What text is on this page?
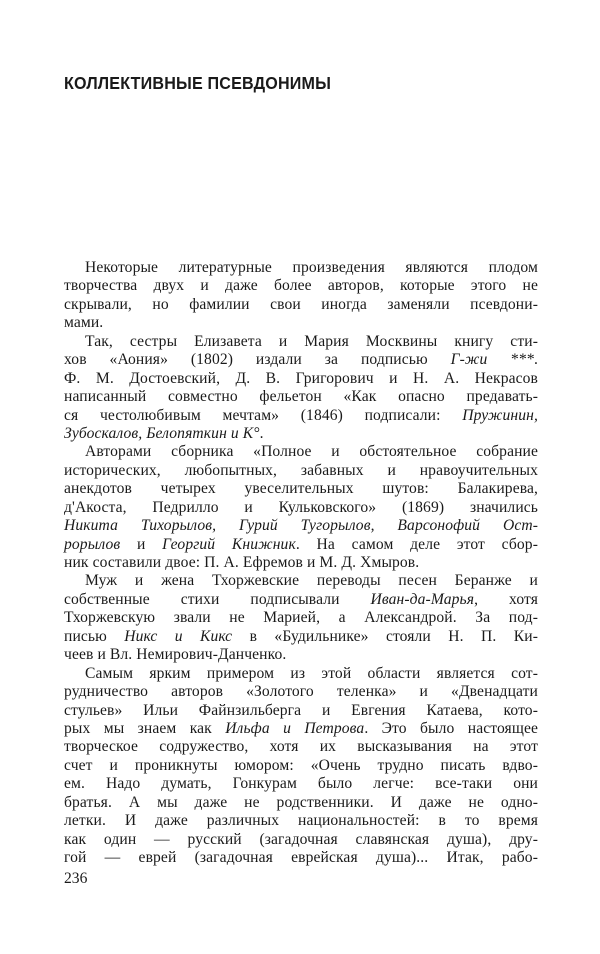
КОЛЛЕКТИВНЫЕ ПСЕВДОНИМЫ
Некоторые литературные произведения являются плодом
творчества двух и даже более авторов, которые этого не
скрывали, но фамилии свои иногда заменяли псевдони-
мами.
Так, сестры Елизавета и Мария Москвины книгу сти-
хов «Аония» (1802) издали за подписью Г-жи ***.
Ф. М. Достоевский, Д. В. Григорович и Н. А. Некрасов
написанный совместно фельетон «Как опасно предавать-
ся честолюбивым мечтам» (1846) подписали: Пружинин,
Зубоскалов, Белопяткин и К°.
Авторами сборника «Полное и обстоятельное собрание
исторических, любопытных, забавных и нравоучительных
анекдотов четырех увеселительных шутов: Балакирева,
д'Акоста, Педрилло и Кульковского» (1869) значились
Никита Тихорылов, Гурий Тугорылов, Варсонофий Ост-
рорылов и Георгий Книжник. На самом деле этот сбор-
ник составили двое: П. А. Ефремов и М. Д. Хмыров.
Муж и жена Тхоржевские переводы песен Беранже и
собственные стихи подписывали Иван-да-Марья, хотя
Тхоржевскую звали не Марией, а Александрой. За под-
писью Никс и Кикс в «Будильнике» стояли Н. П. Ки-
чеев и Вл. Немирович-Данченко.
Самым ярким примером из этой области является сот-
рудничество авторов «Золотого теленка» и «Двенадцати
стульев» Ильи Файнзильберга и Евгения Катаева, кото-
рых мы знаем как Ильфа и Петрова. Это было настоящее
творческое содружество, хотя их высказывания на этот
счет и проникнуты юмором: «Очень трудно писать вдво-
ем. Надо думать, Гонкурам было легче: все-таки они
братья. А мы даже не родственники. И даже не одно-
летки. И даже различных национальностей: в то время
как один — русский (загадочная славянская душа), дру-
гой — еврей (загадочная еврейская душа)... Итак, рабо-
236
